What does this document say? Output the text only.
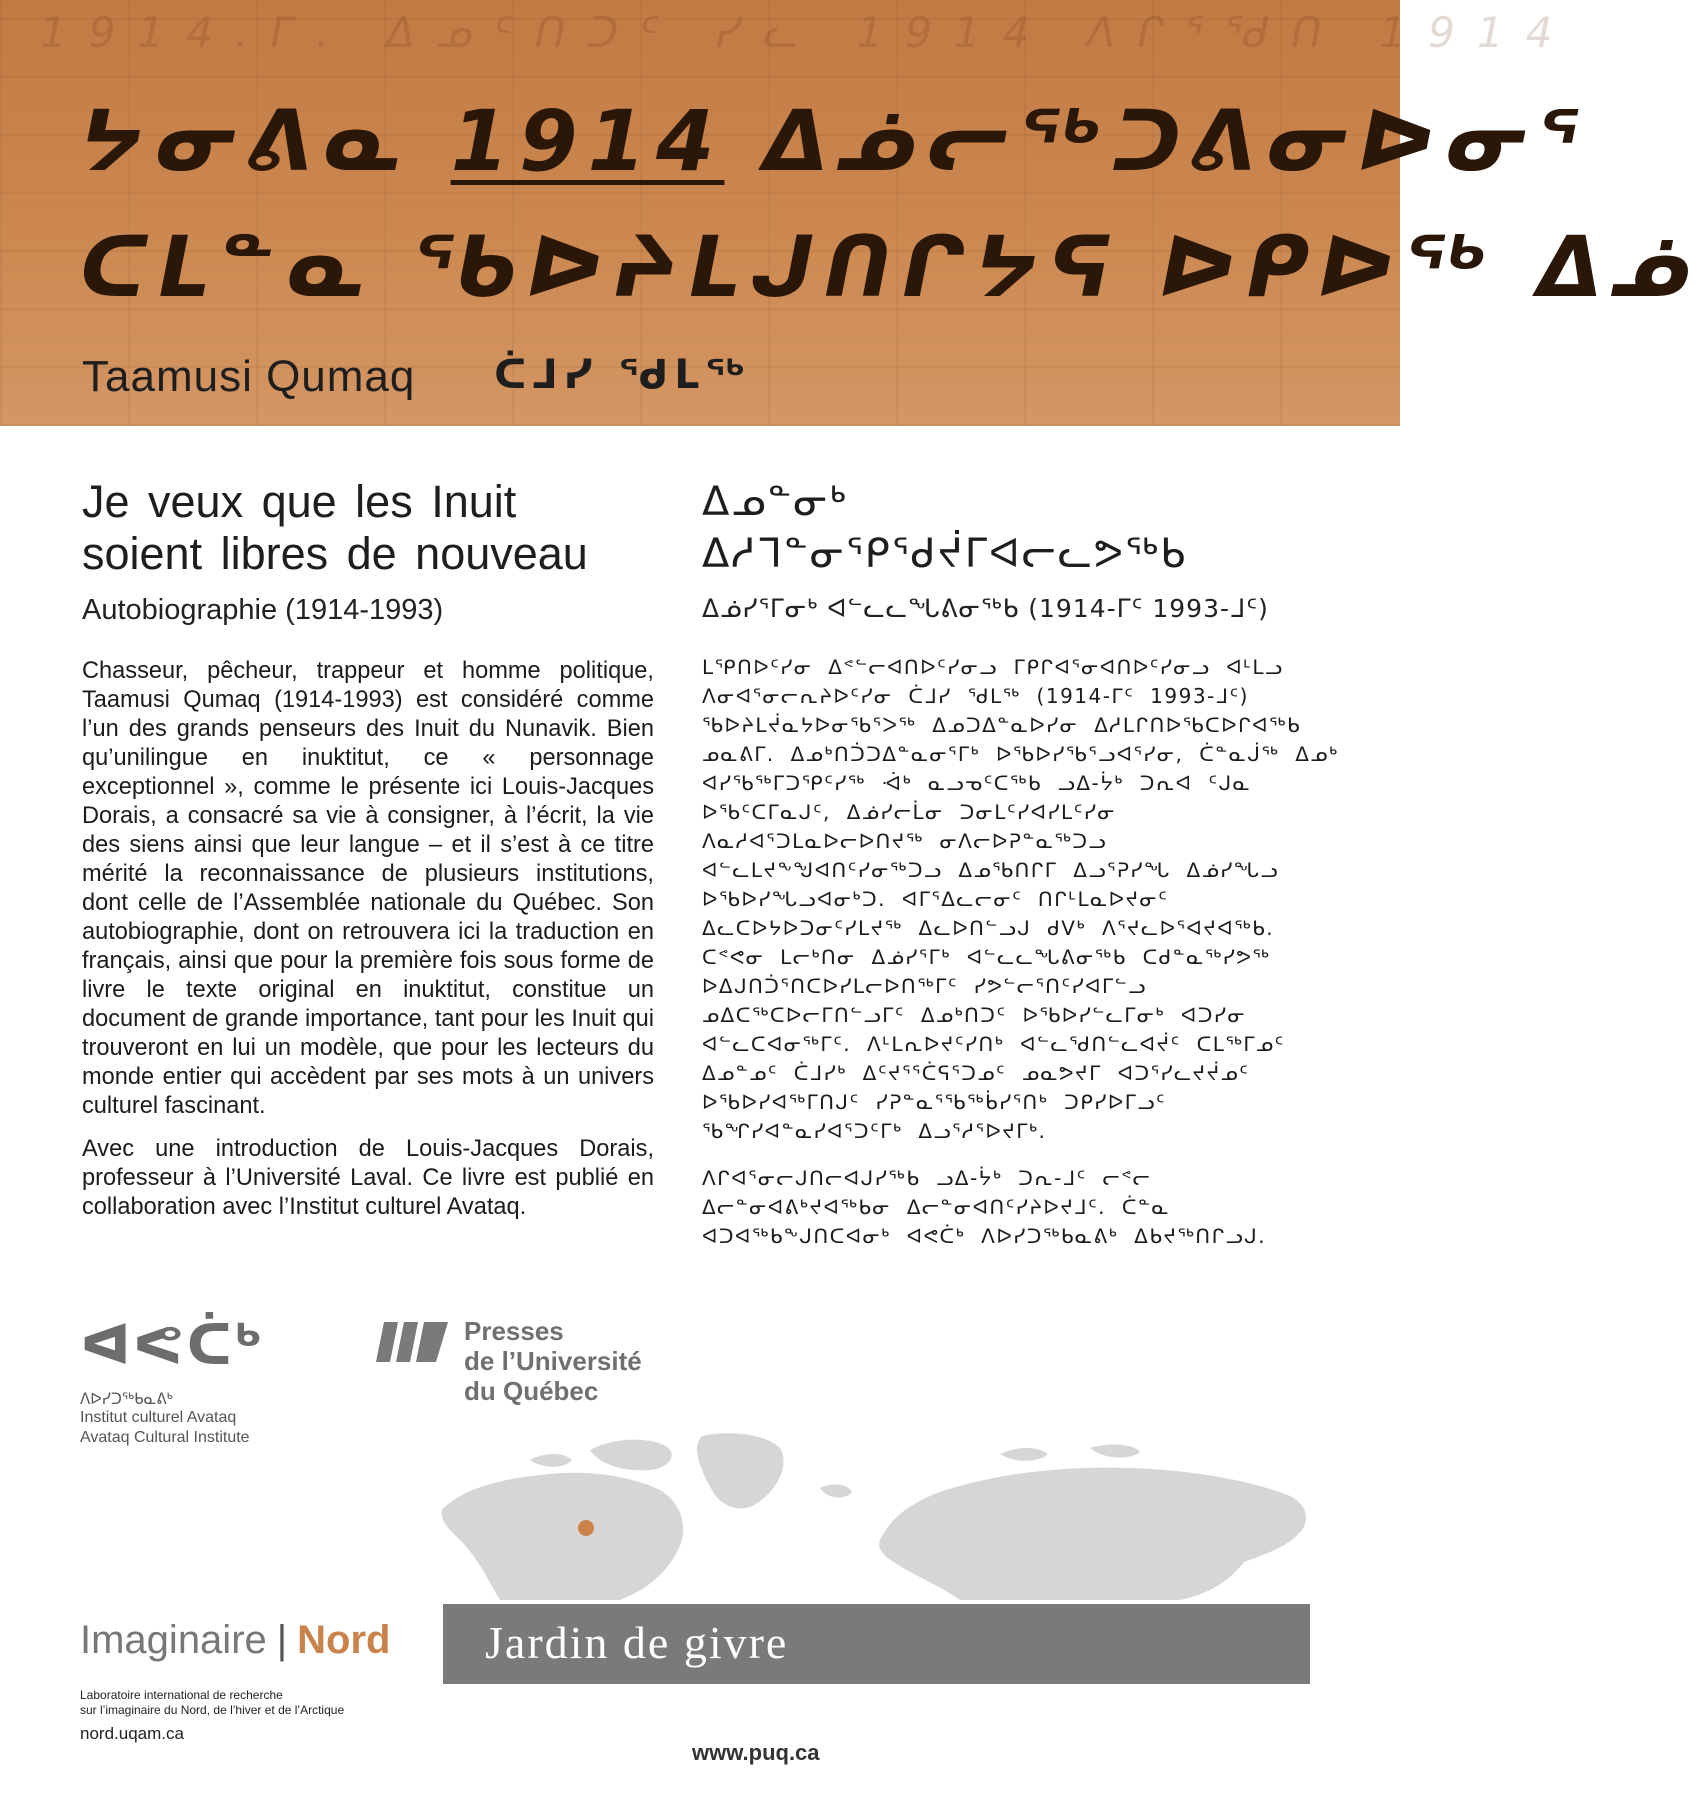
1914.Γ. ᐃᓄᑦᑎᑐᑦ ᓯᓚ 1914 ᐱᒋᕐᖁᑎ 1914
ᔭᓂᕕᓇ 1914 ᐃᓅᓕᖅᑐᕕᓂᐅᓂᕐ
ᑕᒪᓐᓇ ᖃᐅᔨᒪᒍᑎᒋᔭᕋ ᐅᑭᐅᖅ ᐃᓅ
Taamusi Qumaq ᑖᒧᓯ ᖁᒪᖅ
Je veux que les Inuit
soient libres de nouveau
Autobiographie (1914-1993)

Chasseur, pêcheur, trappeur et homme politique, Taamusi Qumaq (1914-1993) est considéré comme l’un des grands penseurs des Inuit du Nunavik. Bien qu’unilingue en inuktitut, ce « personnage exceptionnel », comme le présente ici Louis-Jacques Dorais, a consacré sa vie à consigner, à l’écrit, la vie des siens ainsi que leur langue – et il s’est à ce titre mérité la reconnaissance de plusieurs institutions, dont celle de l’Assemblée nationale du Québec. Son autobiographie, dont on retrouvera ici la traduction en français, ainsi que pour la première fois sous forme de livre le texte original en inuktitut, constitue un document de grande importance, tant pour les Inuit qui trouveront en lui un modèle, que pour les lecteurs du monde entier qui accèdent par ses mots à un univers culturel fascinant.

Avec une introduction de Louis-Jacques Dorais, professeur à l’Université Laval. Ce livre est publié en collaboration avec l’Institut culturel Avataq.

ᐃᓄᓐᓂᒃ
ᐃᓱᒣᓐᓂᕐᑭᕐᑯᔫᒥᐊᓕᓚᕗᖅᑲ
ᐃᓅᓯᕐᒥᓂᒃ ᐊᓪᓚᓚᖓᕕᓂᖅᑲ (1914-ᒥᑦ 1993-ᒧᑦ)

ᒪᕿᑎᐅᑦᓯᓂ ᐃᕝᓪᓕᐊᑎᐅᑦᓯᓂᓗ ᒥᑭᒋᐊᕐᓂᐊᑎᐅᑦᓯᓂᓗ ᐊᒻᒪᓗ ᐱᓂᐊᕐᓂᓕᕆᔨᐅᑦᓯᓂ ᑖᒧᓯ ᖁᒪᖅ (1914-ᒥᑦ 1993-ᒧᑦ) ᖃᐅᔨᒪᔫᓇᔭᐅᓂᖃᕐᐳᖅ ᐃᓄᑐᐃᓐᓇᐅᓯᓂ ᐃᓱᒪᒋᑎᐅᖃᑕᐅᒋᐊᖅᑲ ᓄᓇᕕᒥ. ᐃᓄᒃᑎᑑᑐᐃᓐᓇᓂᕐᒥᒃ ᐅᖃᐅᓯᖃᕐᓗᐊᕐᓯᓂ, ᑖᓐᓇᒎᖅ ᐃᓄᒃ ᐊᓯᖃᖅᒥᑐᕿᑦᓯᖅ ᐙᒃ ᓇᓗᓀᑦᑕᖅᑲ ᓗᐃ-ᔮᒃ ᑐᕆᐊ ᑦᒍᓇ ᐅᖃᑦᑕᒥᓇᒍᑦ, ᐃᓅᓯᓕᒫᓂ ᑐᓂᒪᑦᓯᐊᓯᒪᑦᓯᓂ ᐱᓇᓱᐊᕐᑐᒪᓇᐅᓕᐅᑎᔪᖅ ᓂᐱᓕᐅᕈᓐᓇᖅᑐᓗ ᐊᓪᓚᒪᔪᖕᖑᐊᑎᑦᓯᓂᖅᑐᓗ ᐃᓄᖃᑎᒋᒥ ᐃᓗᕐᕈᓯᖓ ᐃᓅᓯᖓᓗ ᐅᖃᐅᓯᖓᓗᐊᓂᒃᑐ. ᐊᒥᕐᐃᓚᓕᓂᑦ ᑎᒋᒻᒪᓇᐅᔪᓂᑦ ᐃᓚᑕᐅᔭᐅᑐᓂᑦᓯᒪᔪᖅ ᐃᓚᐅᑎᓪᓗᒍ ᑯᐯᒃ ᐱᕐᔪᓚᐅᕐᐊᔪᐊᖅᑲ. ᑕᕝᕙᓂ ᒪᓕᒃᑎᓂ ᐃᓅᓯᕐᒥᒃ ᐊᓪᓚᓚᖓᕕᓂᖅᑲ ᑕᑯᓐᓇᖅᓯᕗᖅ ᐅᐃᒍᑎᑑᕐᑎᑕᐅᓯᒪᓕᐅᑎᖅᒥᑦ ᓯᕗᓪᓕᕐᑎᑦᓯᐊᒥᓪᓗ ᓄᐃᑕᖅᑕᐅᓕᒥᑎᓪᓗᒥᑦ ᐃᓄᒃᑎᑐᑦ ᐅᖃᐅᓯᓪᓚᒥᓂᒃ ᐊᑐᓯᓂ ᐊᓪᓚᑕᐊᓂᖅᒥᑦ. ᐱᒻᒪᕆᐅᔪᑦᓯᑎᒃ ᐊᓪᓚᖁᑎᓪᓚᐊᔫᑦ ᑕᒪᖅᒥᓄᑦ ᐃᓄᓐᓄᑦ ᑖᒧᓯᒃ ᐃᑦᔪᕐᕐᑖᕋᕐᑐᓄᑦ ᓄᓇᕗᔪᒥ ᐊᑐᕐᓯᓚᔪᔫᓄᑦ ᐅᖃᐅᓯᐊᖅᒥᑎᒍᑦ ᓯᕈᓐᓇᕐᖃᖅᑳᓯᕐᑎᒃ ᑐᑭᓯᐅᒥᓗᑦ ᖃᖏᓯᐊᓐᓇᓯᐊᕐᑐᑦᒥᒃ ᐃᓗᕐᓱᕐᐅᔪᒥᒃ.

ᐱᒋᐊᕐᓂᓕᒍᑎᓕᐊᒍᓯᖅᑲ ᓗᐃ-ᔮᒃ ᑐᕆ-ᒧᑦ ᓕᕝᓕ ᐃᓕᓐᓂᐊᕕᒃᔪᐊᖅᑲᓂ ᐃᓕᓐᓂᐊᑎᑦᓯᔨᐅᔪᒧᑦ. ᑖᓐᓇ ᐊᑐᐊᖅᑲᖕᒍᑎᑕᐊᓂᒃ ᐊᕙᑖᒃ ᐱᐅᓯᑐᖅᑲᓇᕕᒃ ᐃᑲᔪᖅᑎᒋᓗᒍ.

ᐊᕙᑖᒃ
ᐱᐅᓯᑐᖅᑲᓇᕕᒃ
Institut culturel Avataq
Avataq Cultural Institute
Presses
de l’Université
du Québec
Imaginaire | Nord
Laboratoire international de recherche
sur l’imaginaire du Nord, de l’hiver et de l’Arctique
nord.uqam.ca
Jardin de givre
www.puq.ca
